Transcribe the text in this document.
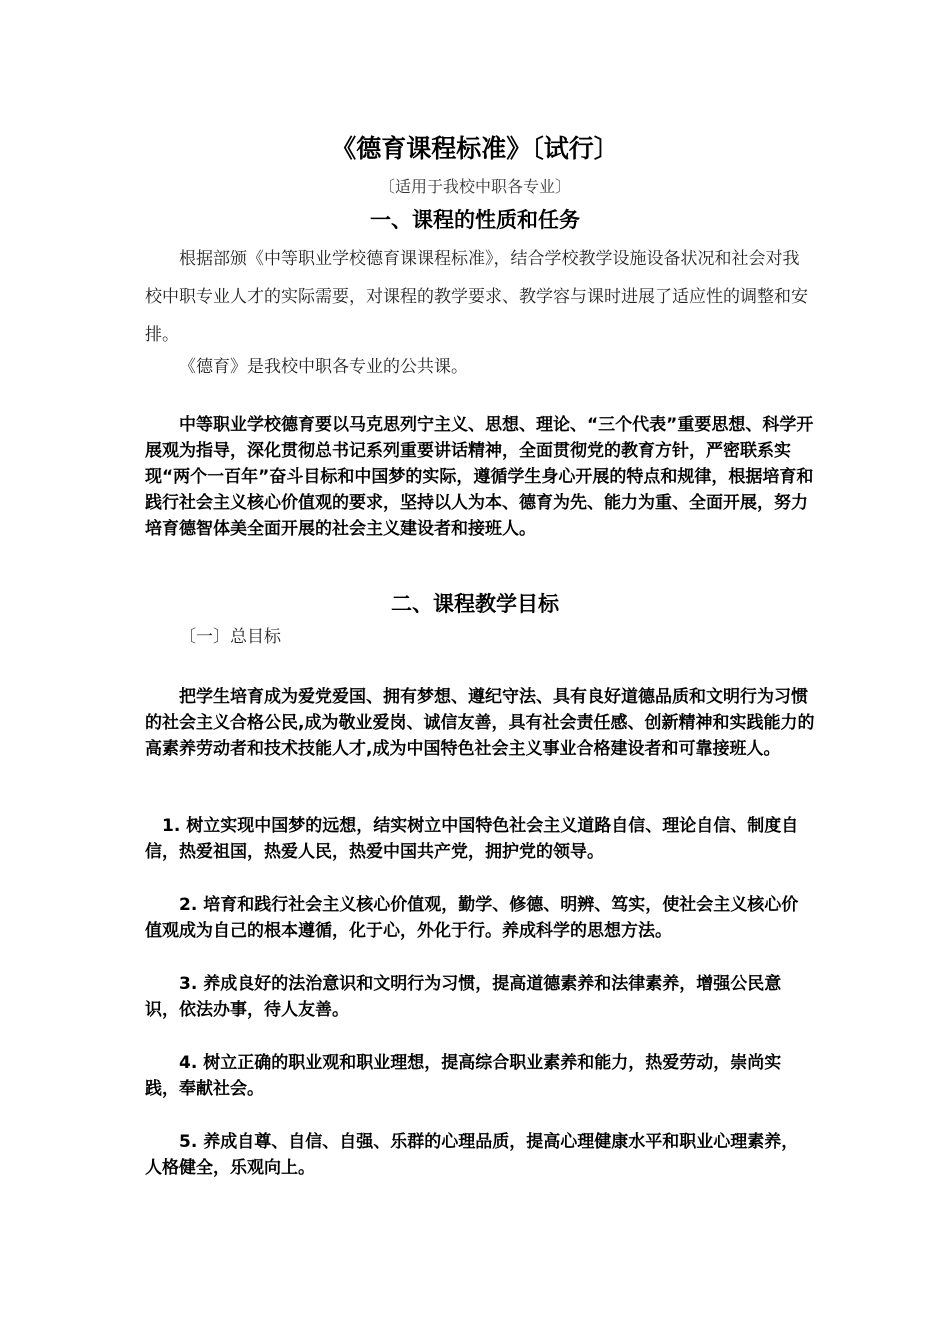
《德育课程标准》〔试行〕
〔适用于我校中职各专业〕
一、课程的性质和任务

根据部颁《中等职业学校德育课课程标准》，结合学校教学设施设备状况和社会对我校中职专业人才的实际需要，对课程的教学要求、教学容与课时进展了适应性的调整和安排。

《德育》是我校中职各专业的公共课。

中等职业学校德育要以马克思列宁主义、思想、理论、“三个代表”重要思想、科学开展观为指导，深化贯彻总书记系列重要讲话精神，全面贯彻党的教育方针，严密联系实现“两个一百年”奋斗目标和中国梦的实际，遵循学生身心开展的特点和规律，根据培育和践行社会主义核心价值观的要求，坚持以人为本、德育为先、能力为重、全面开展，努力培育德智体美全面开展的社会主义建设者和接班人。

二、课程教学目标

〔一〕总目标

把学生培育成为爱党爱国、拥有梦想、遵纪守法、具有良好道德品质和文明行为习惯的社会主义合格公民,成为敬业爱岗、诚信友善，具有社会责任感、创新精神和实践能力的高素养劳动者和技术技能人才,成为中国特色社会主义事业合格建设者和可靠接班人。

1. 树立实现中国梦的远想，结实树立中国特色社会主义道路自信、理论自信、制度自信，热爱祖国，热爱人民，热爱中国共产党，拥护党的领导。

2. 培育和践行社会主义核心价值观，勤学、修德、明辨、笃实，使社会主义核心价值观成为自己的根本遵循，化于心，外化于行。养成科学的思想方法。

3. 养成良好的法治意识和文明行为习惯，提高道德素养和法律素养，增强公民意识，依法办事，待人友善。

4. 树立正确的职业观和职业理想，提高综合职业素养和能力，热爱劳动，崇尚实践，奉献社会。

5. 养成自尊、自信、自强、乐群的心理品质，提高心理健康水平和职业心理素养，人格健全，乐观向上。
